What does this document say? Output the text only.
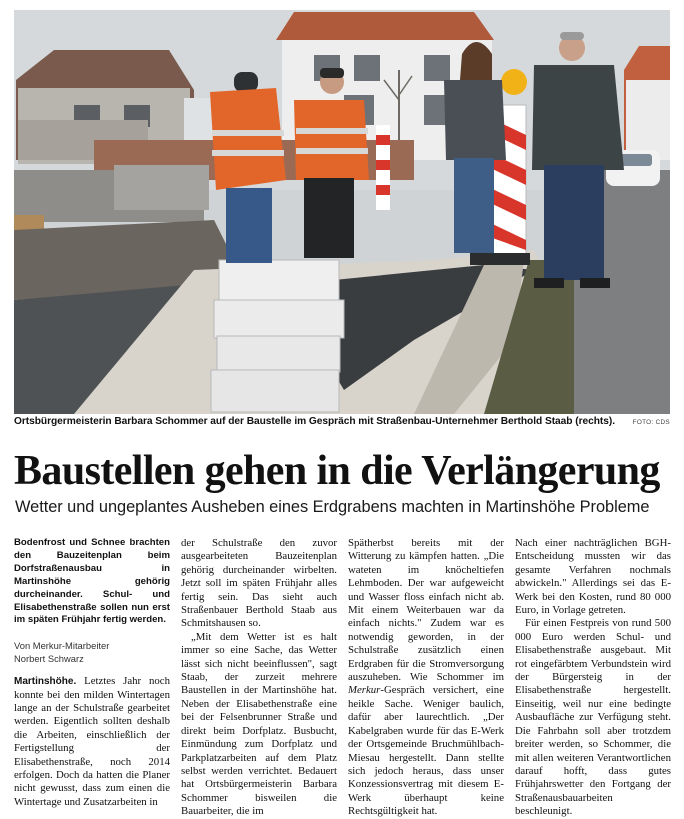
Ortsbürgermeisterin Barbara Schommer auf der Baustelle im Gespräch mit Straßenbau-Unternehmer Berthold Staab (rechts).	FOTO: CDS
Baustellen gehen in die Verlängerung
Wetter und ungeplantes Ausheben eines Erdgrabens machten in Martinshöhe Probleme

Bodenfrost und Schnee brachten den Bauzeitenplan beim Dorfstraßenausbau in Martinshöhe gehörig durcheinander. Schul- und Elisabethenstraße sollen nun erst im späten Frühjahr fertig werden.

Von Merkur-Mitarbeiter
Norbert Schwarz

Martinshöhe. Letztes Jahr noch konnte bei den milden Wintertagen lange an der Schulstraße gearbeitet werden. Eigentlich sollten deshalb die Arbeiten, einschließlich der Fertigstellung der Elisabethenstraße, noch 2014 erfolgen. Doch da hatten die Planer nicht gewusst, dass zum einen die Wintertage und Zusatzarbeiten in

der Schulstraße den zuvor ausgearbeiteten Bauzeitenplan gehörig durcheinander wirbelten. Jetzt soll im späten Frühjahr alles fertig sein. Das sieht auch Straßenbauer Berthold Staab aus Schmitshausen so.

„Mit dem Wetter ist es halt immer so eine Sache, das Wetter lässt sich nicht beeinflussen", sagt Staab, der zurzeit mehrere Baustellen in der Martinshöhe hat. Neben der Elisabethenstraße eine bei der Felsenbrunner Straße und direkt beim Dorfplatz. Busbucht, Einmündung zum Dorfplatz und Parkplatzarbeiten auf dem Platz selbst werden verrichtet. Bedauert hat Ortsbürgermeisterin Barbara Schommer bisweilen die Bauarbeiter, die im

Spätherbst bereits mit der Witterung zu kämpfen hatten. „Die wateten im knöcheltiefen Lehmboden. Der war aufgeweicht und Wasser floss einfach nicht ab. Mit einem Weiterbauen war da einfach nichts." Zudem war es notwendig geworden, in der Schulstraße zusätzlich einen Erdgraben für die Stromversorgung auszuheben. Wie Schommer im Merkur-Gespräch versichert, eine heikle Sache. Weniger baulich, dafür aber laurechtlich. „Der Kabelgraben wurde für das E-Werk der Ortsgemeinde Bruchmühlbach-Miesau hergestellt. Dann stellte sich jedoch heraus, dass unser Konzessionsvertrag mit diesem E-Werk überhaupt keine Rechtsgültigkeit hat.

Nach einer nachträglichen BGH-Entscheidung mussten wir das gesamte Verfahren nochmals abwickeln." Allerdings sei das E-Werk bei den Kosten, rund 80 000 Euro, in Vorlage getreten.

Für einen Festpreis von rund 500 000 Euro werden Schul- und Elisabethenstraße ausgebaut. Mit rot eingefärbtem Verbundstein wird der Bürgersteig in der Elisabethenstraße hergestellt. Einseitig, weil nur eine bedingte Ausbaufläche zur Verfügung steht. Die Fahrbahn soll aber trotzdem breiter werden, so Schommer, die mit allen weiteren Verantwortlichen darauf hofft, dass gutes Frühjahrswetter den Fortgang der Straßenausbauarbeiten beschleunigt.
